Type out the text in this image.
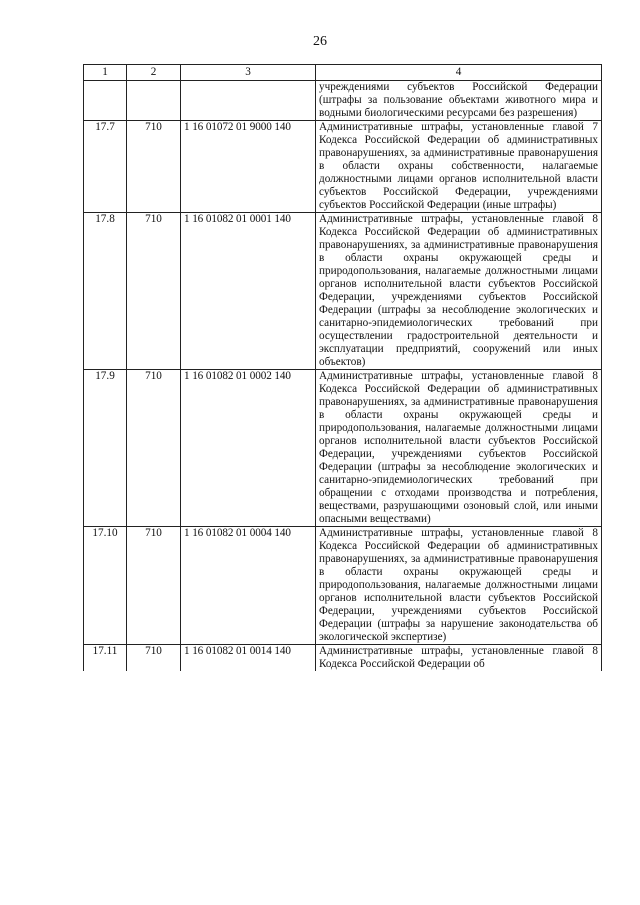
26
1	2	3	4
			учреждениями субъектов Российской Федерации (штрафы за пользование объектами животного мира и водными биологическими ресурсами без разрешения)
17.7	710	1 16 01072 01 9000 140	Административные штрафы, установленные главой 7 Кодекса Российской Федерации об административных правонарушениях, за административные правонарушения в области охраны собственности, налагаемые должностными лицами органов исполнительной власти субъектов Российской Федерации, учреждениями субъектов Российской Федерации (иные штрафы)
17.8	710	1 16 01082 01 0001 140	Административные штрафы, установленные главой 8 Кодекса Российской Федерации об административных правонарушениях, за административные правонарушения в области охраны окружающей среды и природопользования, налагаемые должностными лицами органов исполнительной власти субъектов Российской Федерации, учреждениями субъектов Российской Федерации (штрафы за несоблюдение экологических и санитарно-эпидемиологических требований при осуществлении градостроительной деятельности и эксплуатации предприятий, сооружений или иных объектов)
17.9	710	1 16 01082 01 0002 140	Административные штрафы, установленные главой 8 Кодекса Российской Федерации об административных правонарушениях, за административные правонарушения в области охраны окружающей среды и природопользования, налагаемые должностными лицами органов исполнительной власти субъектов Российской Федерации, учреждениями субъектов Российской Федерации (штрафы за несоблюдение экологических и санитарно-эпидемиологических требований при обращении с отходами производства и потребления, веществами, разрушающими озоновый слой, или иными опасными веществами)
17.10	710	1 16 01082 01 0004 140	Административные штрафы, установленные главой 8 Кодекса Российской Федерации об административных правонарушениях, за административные правонарушения в области охраны окружающей среды и природопользования, налагаемые должностными лицами органов исполнительной власти субъектов Российской Федерации, учреждениями субъектов Российской Федерации (штрафы за нарушение законодательства об экологической экспертизе)
17.11	710	1 16 01082 01 0014 140	Административные штрафы, установленные главой 8 Кодекса Российской Федерации об
